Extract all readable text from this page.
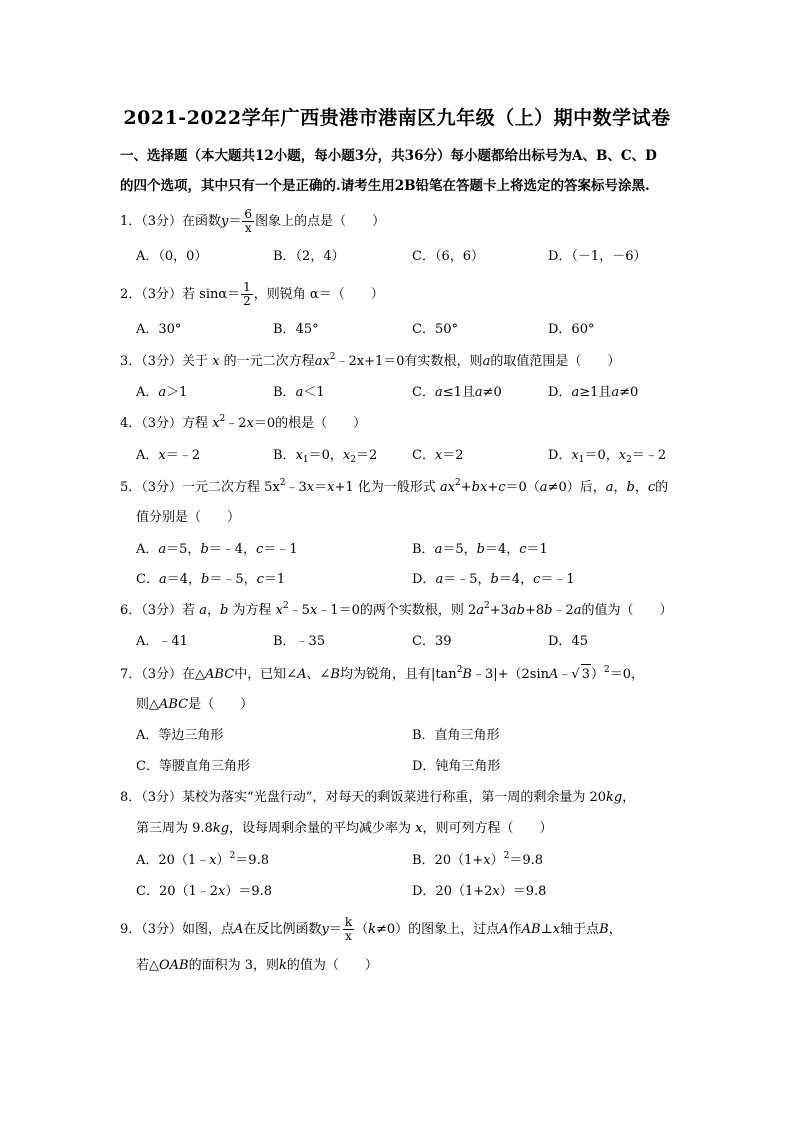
2021-2022学年广西贵港市港南区九年级（上）期中数学试卷
一、选择题（本大题共12小题，每小题3分，共36分）每小题都给出标号为A、B、C、D
的四个选项，其中只有一个是正确的.请考生用2B铅笔在答题卡上将选定的答案标号涂黑.
1．（3分）在函数$y= \frac{6}{x}$ 图象上的点是（　　）
A．（0，0）	B．（2，4）	C．（6，6）	D．（－1，－6）
2．（3分）若 $\sin\alpha= \frac{1}{2}$ ，则锐角 α＝（　　）
A．30°	B．45°	C．50°	D．60°
3．（3分）关于 x 的一元二次方程$ax^2﹣2x+1=0$有实数根，则a的取值范围是（　　）
A．a＞1	B．a＜1	C．a≤1且a≠0	D．a≥1且a≠0
4．（3分）方程 $x^2﹣2x=0$的根是（　　）
A．x＝﹣2	B．$x_1=0$，$x_2=2$	C．x＝2	D．$x_1=0$，$x_2=﹣2$
5．（3分）一元二次方程 $5x^2﹣3x=x+1$ 化为一般形式 $ax^2+bx+c=0(a\ne 0)$后，a，b，c的
值分别是（　　）
A．a＝5，b＝﹣4，c＝﹣1	B．a＝5，b＝4，c＝1
C．a＝4，b＝﹣5，c＝1	D．a＝﹣5，b＝4，c＝﹣1
6．（3分）若 a，b 为方程 $x^2﹣5x﹣1=0$的两个实数根，则 $2a^2+3ab+8b﹣2a$的值为（　　）
A．﹣41	B．﹣35	C．39	D．45
7．（3分）在△ABC中，已知∠A、∠B均为锐角，且有$|\tan^2B﹣3|+(2\sin A﹣√$ 3）$^2$＝0，
则△ABC是（　　）
A．等边三角形	B．直角三角形
C．等腰直角三角形	D．钝角三角形
8．（3分）某校为落实“光盘行动”，对每天的剩饭菜进行称重，第一周的剩余量为 20kg，
第三周为 9.8kg，设每周剩余量的平均减少率为 x，则可列方程（　　）
A．20（1﹣x）$^2$＝9.8	B．$20(1+x)^2=9.8$
C．20（1﹣2x）＝9.8	D．20（1+2x）＝9.8
9．（3分）如图，点A在反比例函数$y= \frac{k}{x} (k\ne 0)$的图象上，过点A作AB⊥x轴于点B，
若△OAB的面积为 3，则k的值为（　　）
